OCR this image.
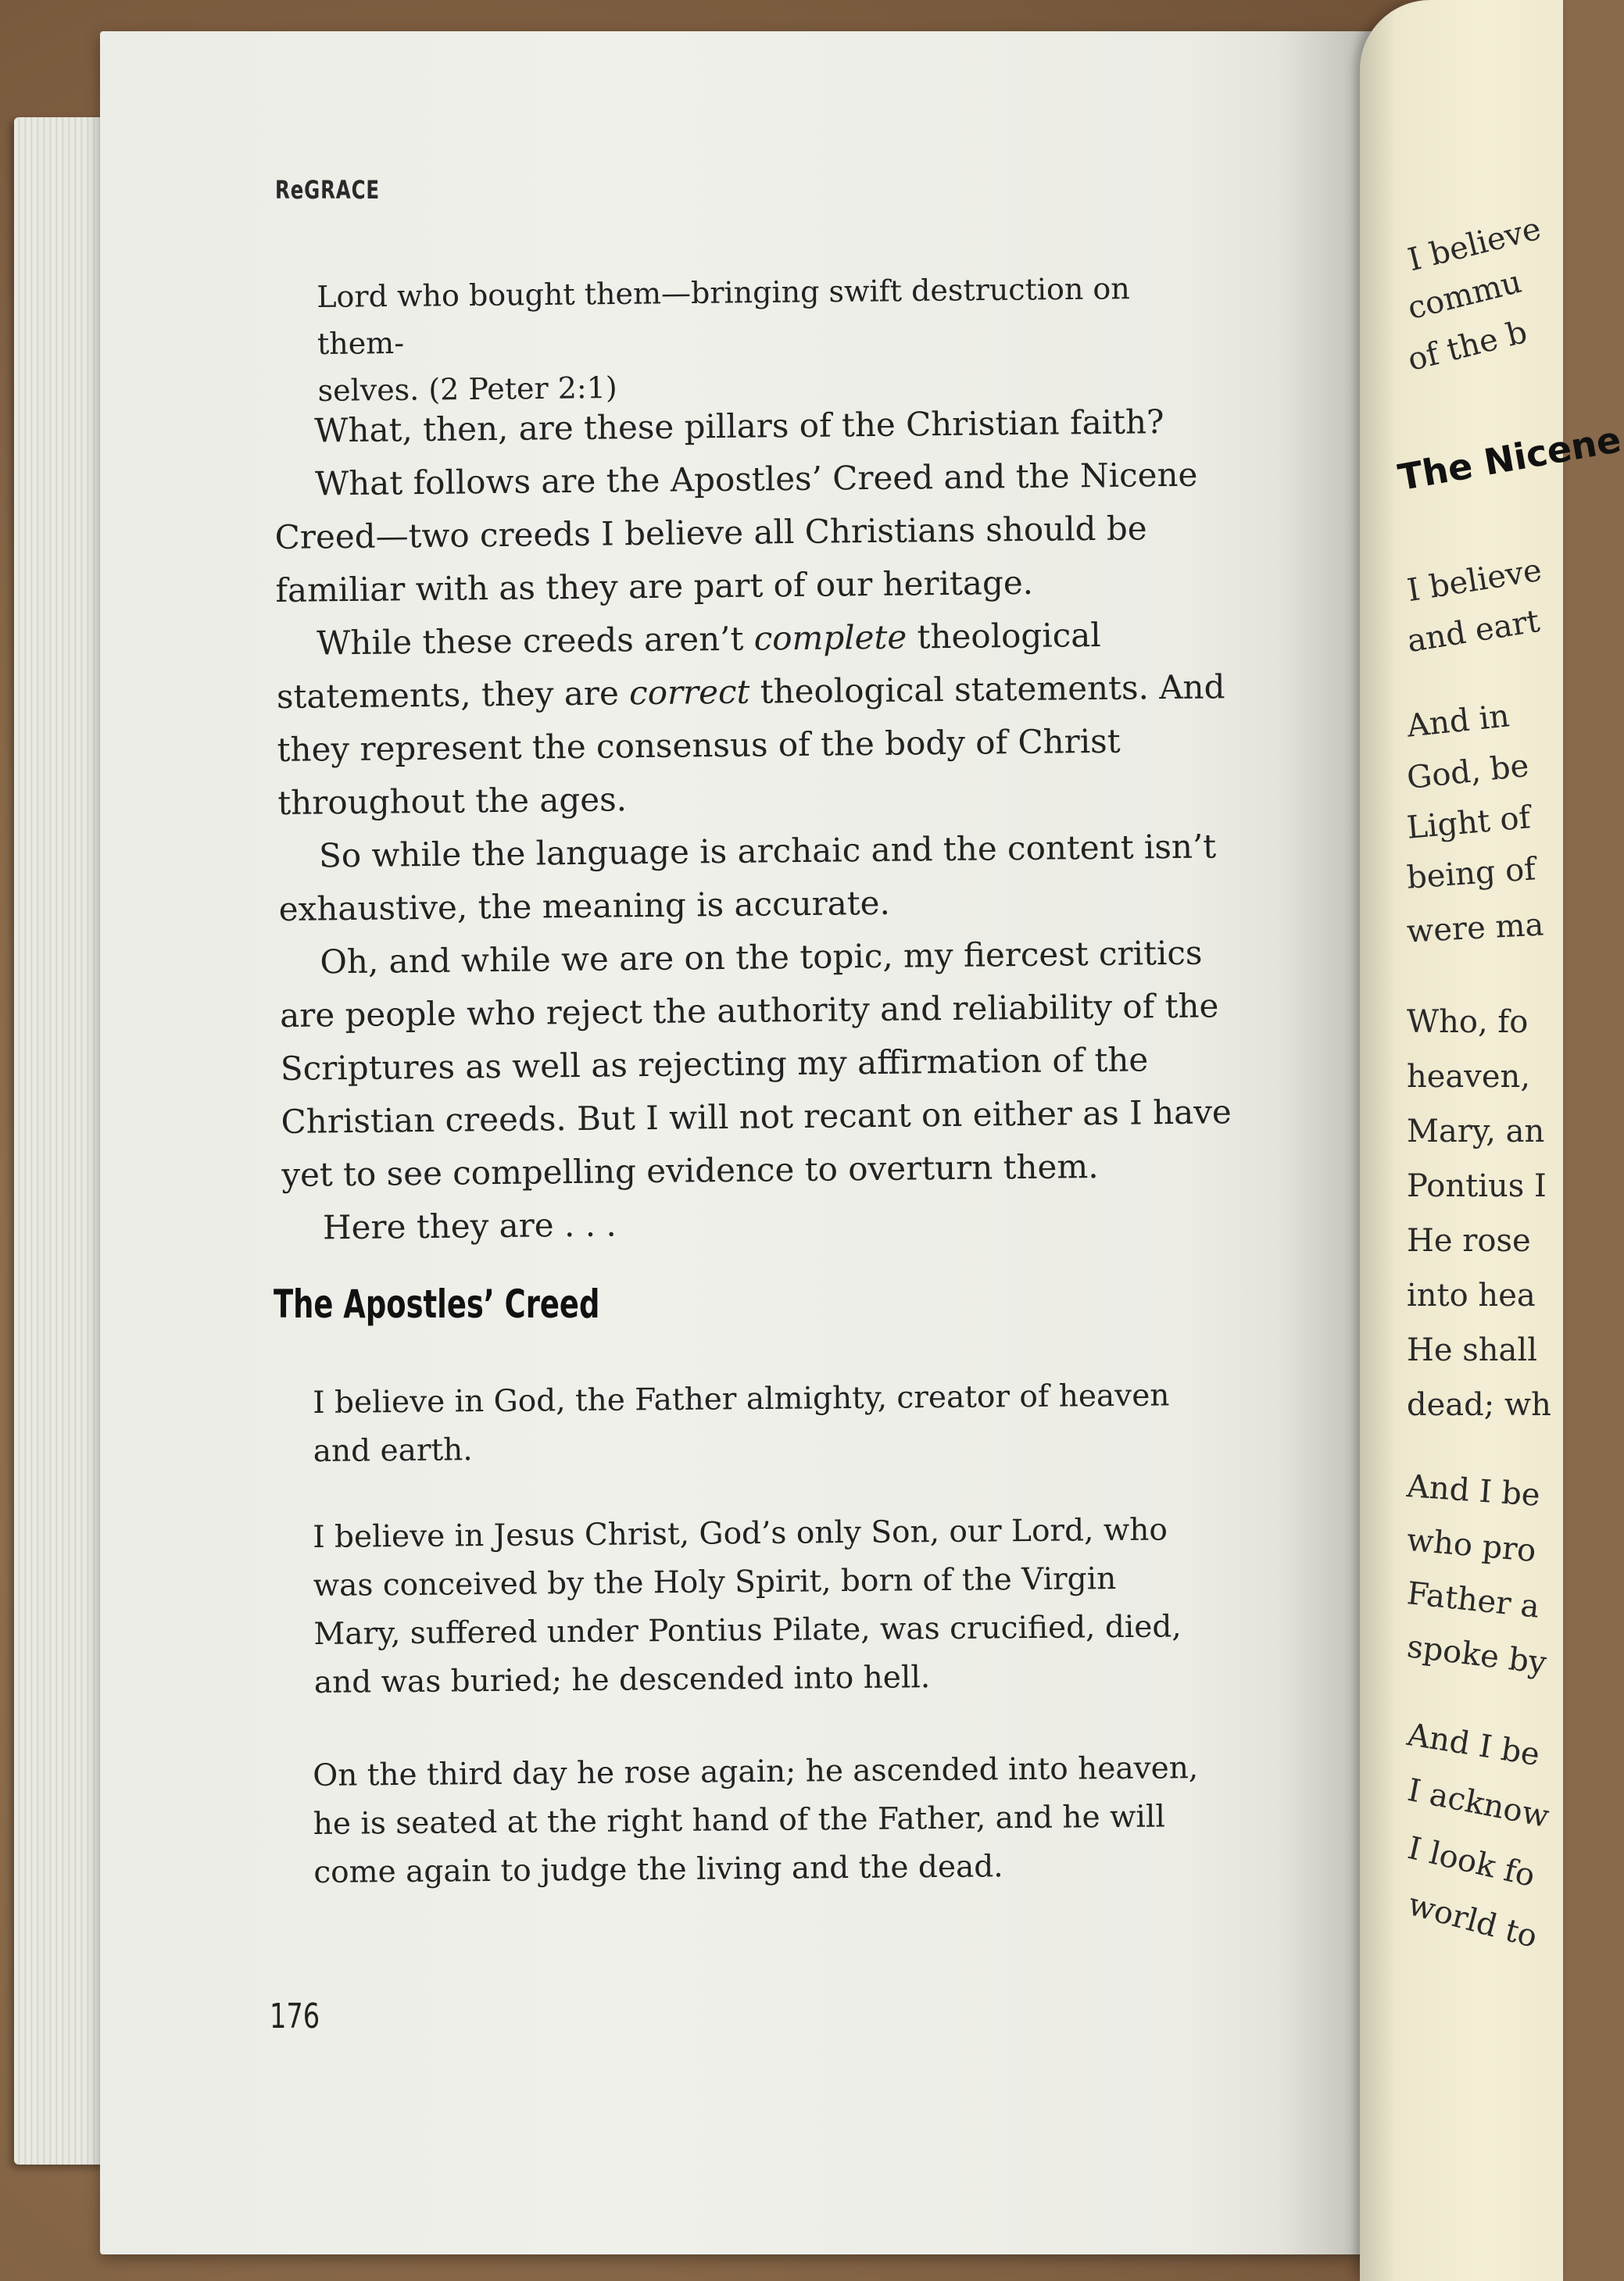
ReGRACE
Lord who bought them—bringing swift destruction on them-
selves. (2 Peter 2:1)

What, then, are these pillars of the Christian faith?

What follows are the Apostles’ Creed and the Nicene Creed—two creeds I believe all Christians should be familiar with as they are part of our heritage.

While these creeds aren’t complete theological statements, they are correct theological statements. And they represent the consensus of the body of Christ throughout the ages.

So while the language is archaic and the content isn’t exhaustive, the meaning is accurate.

Oh, and while we are on the topic, my fiercest critics are people who reject the authority and reliability of the Scriptures as well as rejecting my affirmation of the Christian creeds. But I will not recant on either as I have yet to see compelling evidence to overturn them.

Here they are . . .

The Apostles’ Creed

I believe in God, the Father almighty, creator of heaven and earth.

I believe in Jesus Christ, God’s only Son, our Lord, who was conceived by the Holy Spirit, born of the Virgin Mary, suffered under Pontius Pilate, was crucified, died, and was buried; he descended into hell.

On the third day he rose again; he ascended into heaven, he is seated at the right hand of the Father, and he will come again to judge the living and the dead.

176
I believe
commu
of the b
The Nicene
I believe
and eart
And in
God, be
Light of
being of
were ma
Who, fo
heaven,
Mary, an
Pontius I
He rose
into hea
He shall
dead; wh
And I be
who pro
Father a
spoke by
And I be
I acknow
I look fo
world to
